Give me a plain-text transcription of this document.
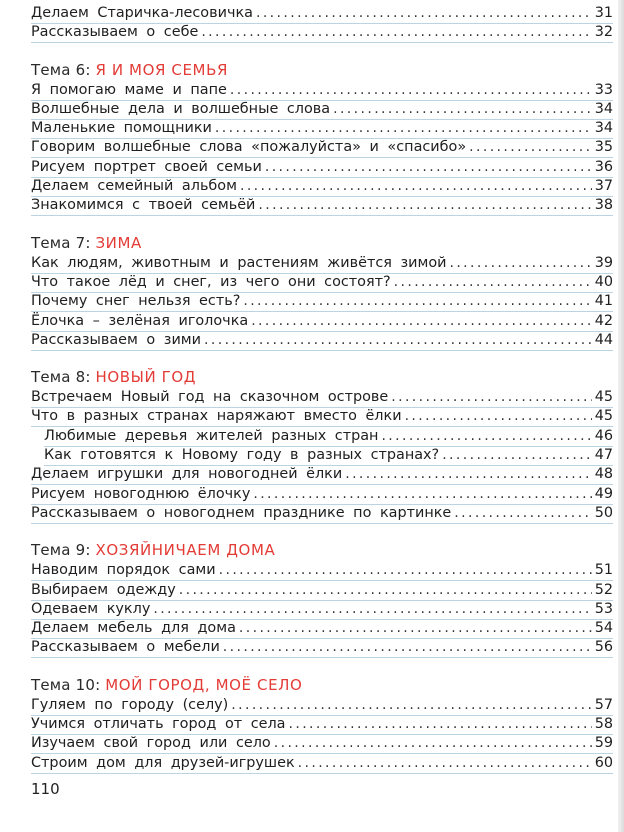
Делаем Старичка-лесовичка .....	31
Рассказываем о себе .....	32
Тема 6: Я И МОЯ СЕМЬЯ
Я помогаю маме и папе .....	33
Волшебные дела и волшебные слова .....	34
Маленькие помощники .....	34
Говорим волшебные слова «пожалуйста» и «спасибо» .....	35
Рисуем портрет своей семьи .....	36
Делаем семейный альбом .....	37
Знакомимся с твоей семьёй .....	38
Тема 7: ЗИМА
Как людям, животным и растениям живётся зимой .....	39
Что такое лёд и снег, из чего они состоят? .....	40
Почему снег нельзя есть? .....	41
Ёлочка – зелёная иголочка .....	42
Рассказываем о зими .....	44
Тема 8: НОВЫЙ ГОД
Встречаем Новый год на сказочном острове .....	45
Что в разных странах наряжают вместо ёлки .....	45
Любимые деревья жителей разных стран .....	46
Как готовятся к Новому году в разных странах? .....	47
Делаем игрушки для новогодней ёлки .....	48
Рисуем новогоднюю ёлочку .....	49
Рассказываем о новогоднем празднике по картинке .....	50
Тема 9: ХОЗЯЙНИЧАЕМ ДОМА
Наводим порядок сами .....	51
Выбираем одежду .....	52
Одеваем куклу .....	53
Делаем мебель для дома .....	54
Рассказываем о мебели .....	56
Тема 10: МОЙ ГОРОД, МОЁ СЕЛО
Гуляем по городу (селу) .....	57
Учимся отличать город от села .....	58
Изучаем свой город или село .....	59
Строим дом для друзей-игрушек .....	60
110
